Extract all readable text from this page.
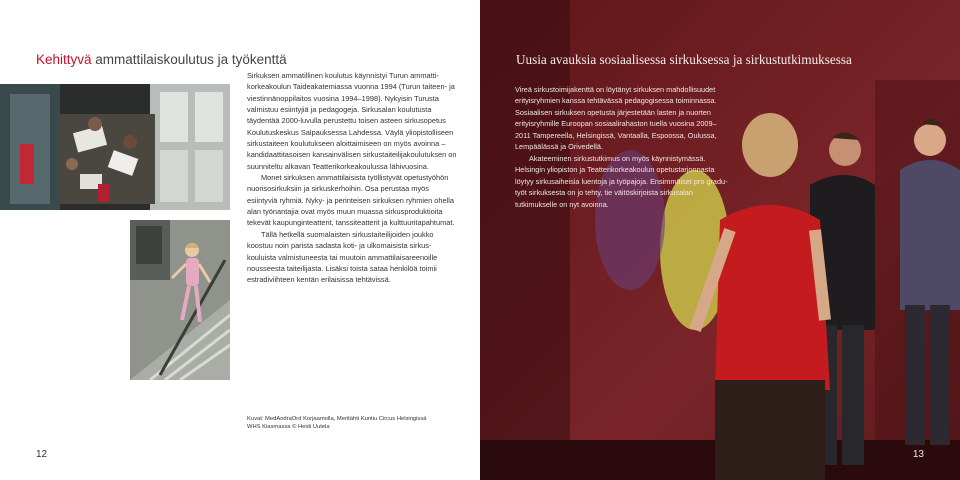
Kehittyvä ammattilaiskoulutus ja työkenttä

Sirkuksen ammatillinen koulutus käynnistyi Turun ammattikorkeakoulun Taideakatemiassa vuonna 1994 (Turun taiteen- ja viestinnänoppilaitos vuosina 1994–1998). Nykyisin Turusta valmistuu esiintyjiä ja pedagogeja. Sirkusalan koulutusta täydentää 2000-luvulla perustettu toisen asteen sirkusopetus Koulutuskeskus Salpauksessa Lahdessa. Väylä yliopistolliseen sirkustaiteen koulutukseen aloittaimiseen on myös avoinna – kandidaattitasoisen kansainvälisen sirkustaiteilijakoulutuksen on suunniteltu alkavan Teatterikorkeakoulussa lähivuosina.

Monet sirkuksen ammattilaisista työllistyvät opetustyöhön nuorisosirkuksiin ja sirkuskerhoihin. Osa perustaa myös esiintyviä ryhmiä. Nyky- ja perinteisen sirkuksen ryhmien ohella alan työnantajia ovat myös muun muassa sirkusproduktioita tekevät kaupunginteatterit, tanssiteatterit ja kulttuuritapahtumat.

Tällä hetkellä suomalaisten sirkustaiteilijoiden joukko koostuu noin parista sadasta koti- ja ulkomaisista sirkuskouluista valmistuneesta tai muutoin ammattilaisareenoille nousseesta taiteilijasta. Lisäksi toista sataa henkilöä toimii estradiviihteen kentän erilaisissa tehtävissä.

Kuvat: MedAndraOrd Korjaamolla, Meritähti Kuntiu Circus Helsingissä
WHS Kiasmassa © Heidi Uutela
12
Uusia avauksia sosiaalisessa sirkuksessa ja sirkustutkimuksessa

Vireä sirkustoimijakenttä on löytänyt sirkuksen mahdollisuudet erityisryhmien kanssa tehtävässä pedagogisessa toiminnassa. Sosiaalisen sirkuksen opetusta järjestetään lasten ja nuorten erityisryhmille Euroopan sosiaalirahaston tuella vuosina 2009–2011 Tampereella, Helsingissä, Vantaalla, Espoossa, Oulussa, Lempäälässä ja Orivedellä.

Akateeminen sirkustutkimus on myös käynnistymässä. Helsingin yliopiston ja Teatterikorkeakoulun opetustarjonnasta löytyy sirkusaiheisia luentoja ja työpajoja. Ensimmäiset pro gradu-työt sirkuksesta on jo tehty, tie väitöskirjoista sirkusalan tutkimukselle on nyt avoinna.

13
